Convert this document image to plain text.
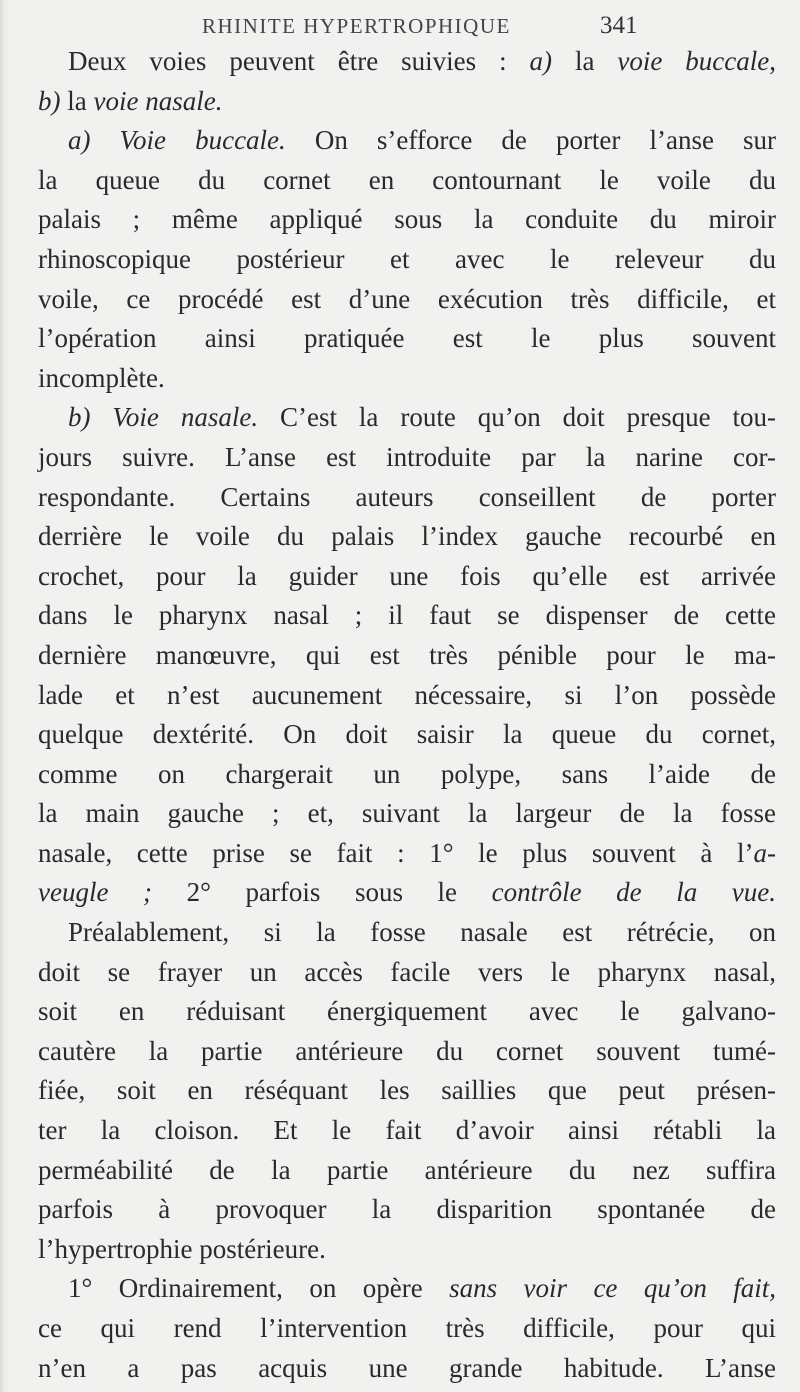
RHINITE HYPERTROPHIQUE	341
Deux voies peuvent être suivies : a) la voie buccale,
b) la voie nasale.
a) Voie buccale. On s’efforce de porter l’anse sur
la queue du cornet en contournant le voile du
palais ; même appliqué sous la conduite du miroir
rhinoscopique postérieur et avec le releveur du
voile, ce procédé est d’une exécution très difficile, et
l’opération ainsi pratiquée est le plus souvent
incomplète.
b) Voie nasale. C’est la route qu’on doit presque tou-
jours suivre. L’anse est introduite par la narine cor-
respondante. Certains auteurs conseillent de porter
derrière le voile du palais l’index gauche recourbé en
crochet, pour la guider une fois qu’elle est arrivée
dans le pharynx nasal ; il faut se dispenser de cette
dernière manœuvre, qui est très pénible pour le ma-
lade et n’est aucunement nécessaire, si l’on possède
quelque dextérité. On doit saisir la queue du cornet,
comme on chargerait un polype, sans l’aide de
la main gauche ; et, suivant la largeur de la fosse
nasale, cette prise se fait : 1° le plus souvent à l’a-
veugle ; 2° parfois sous le contrôle de la vue.
Préalablement, si la fosse nasale est rétrécie, on
doit se frayer un accès facile vers le pharynx nasal,
soit en réduisant énergiquement avec le galvano-
cautère la partie antérieure du cornet souvent tumé-
fiée, soit en réséquant les saillies que peut présen-
ter la cloison. Et le fait d’avoir ainsi rétabli la
perméabilité de la partie antérieure du nez suffira
parfois à provoquer la disparition spontanée de
l’hypertrophie postérieure.
1° Ordinairement, on opère sans voir ce qu’on fait,
ce qui rend l’intervention très difficile, pour qui
n’en a pas acquis une grande habitude. L’anse
